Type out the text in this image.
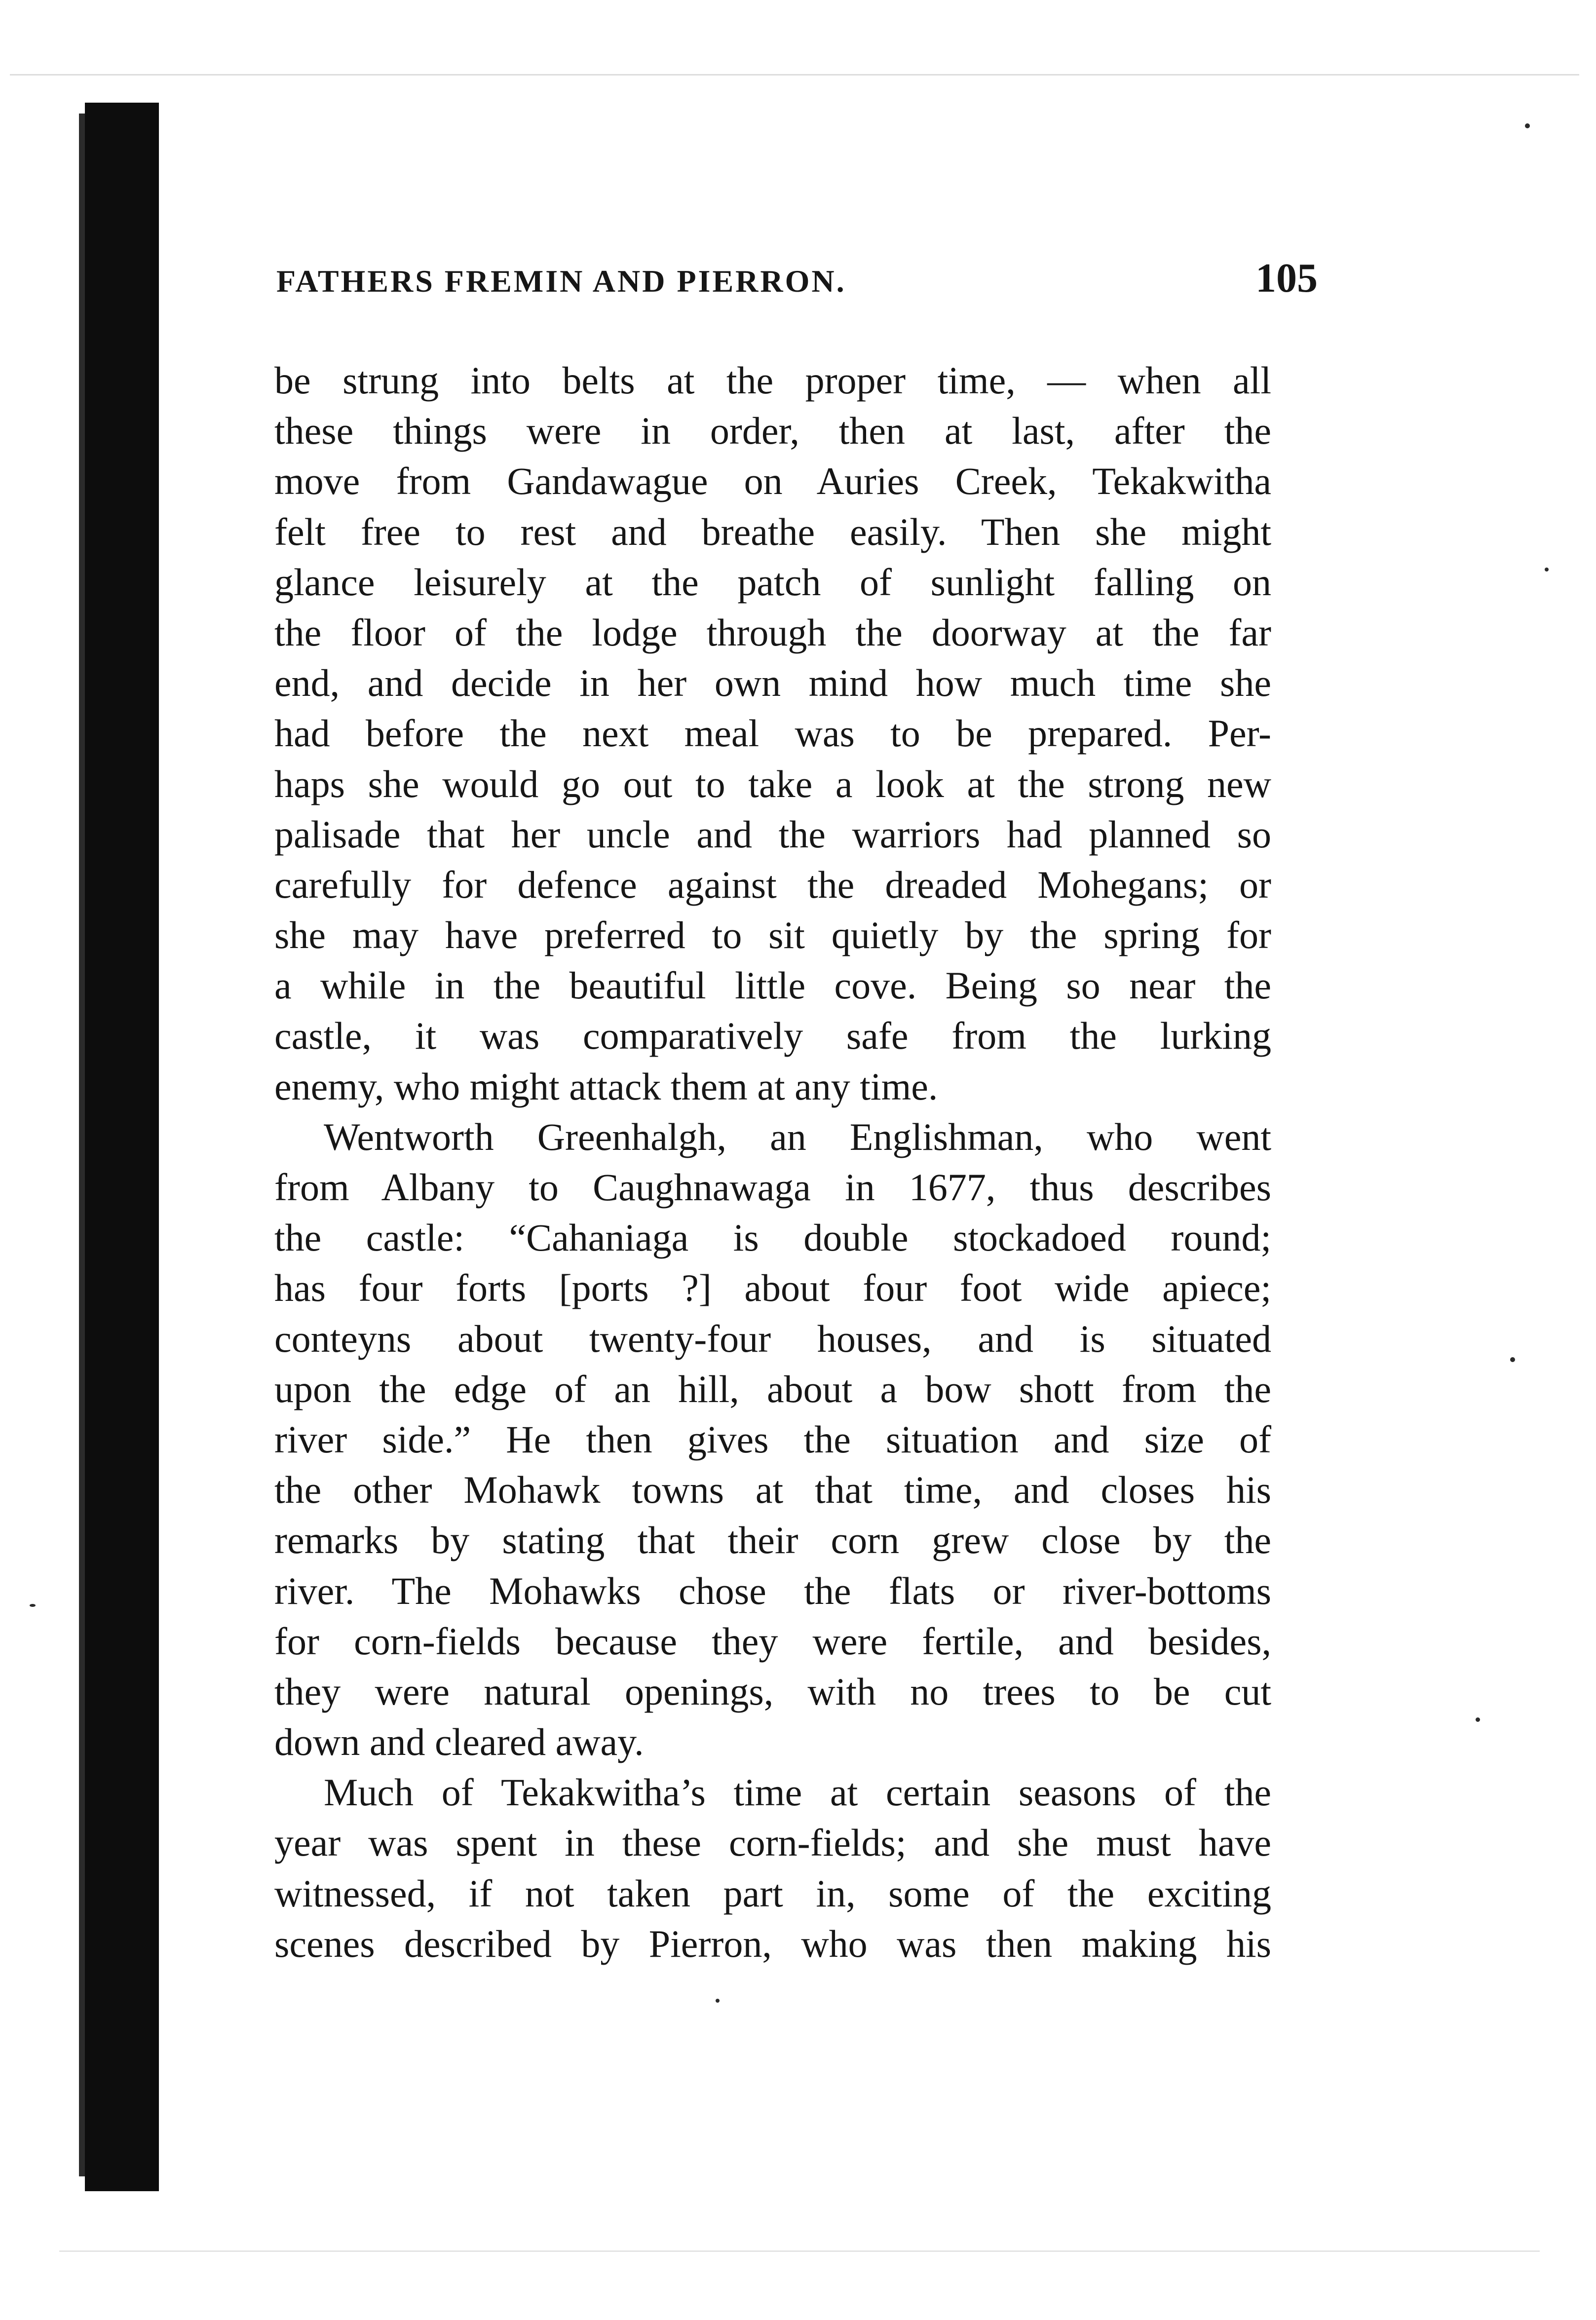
FATHERS FREMIN AND PIERRON.	105
be strung into belts at the proper time, — when all
these things were in order, then at last, after the
move from Gandawague on Auries Creek, Tekakwitha
felt free to rest and breathe easily. Then she might
glance leisurely at the patch of sunlight falling on
the floor of the lodge through the doorway at the far
end, and decide in her own mind how much time she
had before the next meal was to be prepared. Per-
haps she would go out to take a look at the strong new
palisade that her uncle and the warriors had planned so
carefully for defence against the dreaded Mohegans; or
she may have preferred to sit quietly by the spring for
a while in the beautiful little cove. Being so near the
castle, it was comparatively safe from the lurking
enemy, who might attack them at any time.
Wentworth Greenhalgh, an Englishman, who went
from Albany to Caughnawaga in 1677, thus describes
the castle: “Cahaniaga is double stockadoed round;
has four forts [ports ?] about four foot wide apiece;
conteyns about twenty-four houses, and is situated
upon the edge of an hill, about a bow shott from the
river side.” He then gives the situation and size of
the other Mohawk towns at that time, and closes his
remarks by stating that their corn grew close by the
river. The Mohawks chose the flats or river-bottoms
for corn-fields because they were fertile, and besides,
they were natural openings, with no trees to be cut
down and cleared away.
Much of Tekakwitha’s time at certain seasons of the
year was spent in these corn-fields; and she must have
witnessed, if not taken part in, some of the exciting
scenes described by Pierron, who was then making his
